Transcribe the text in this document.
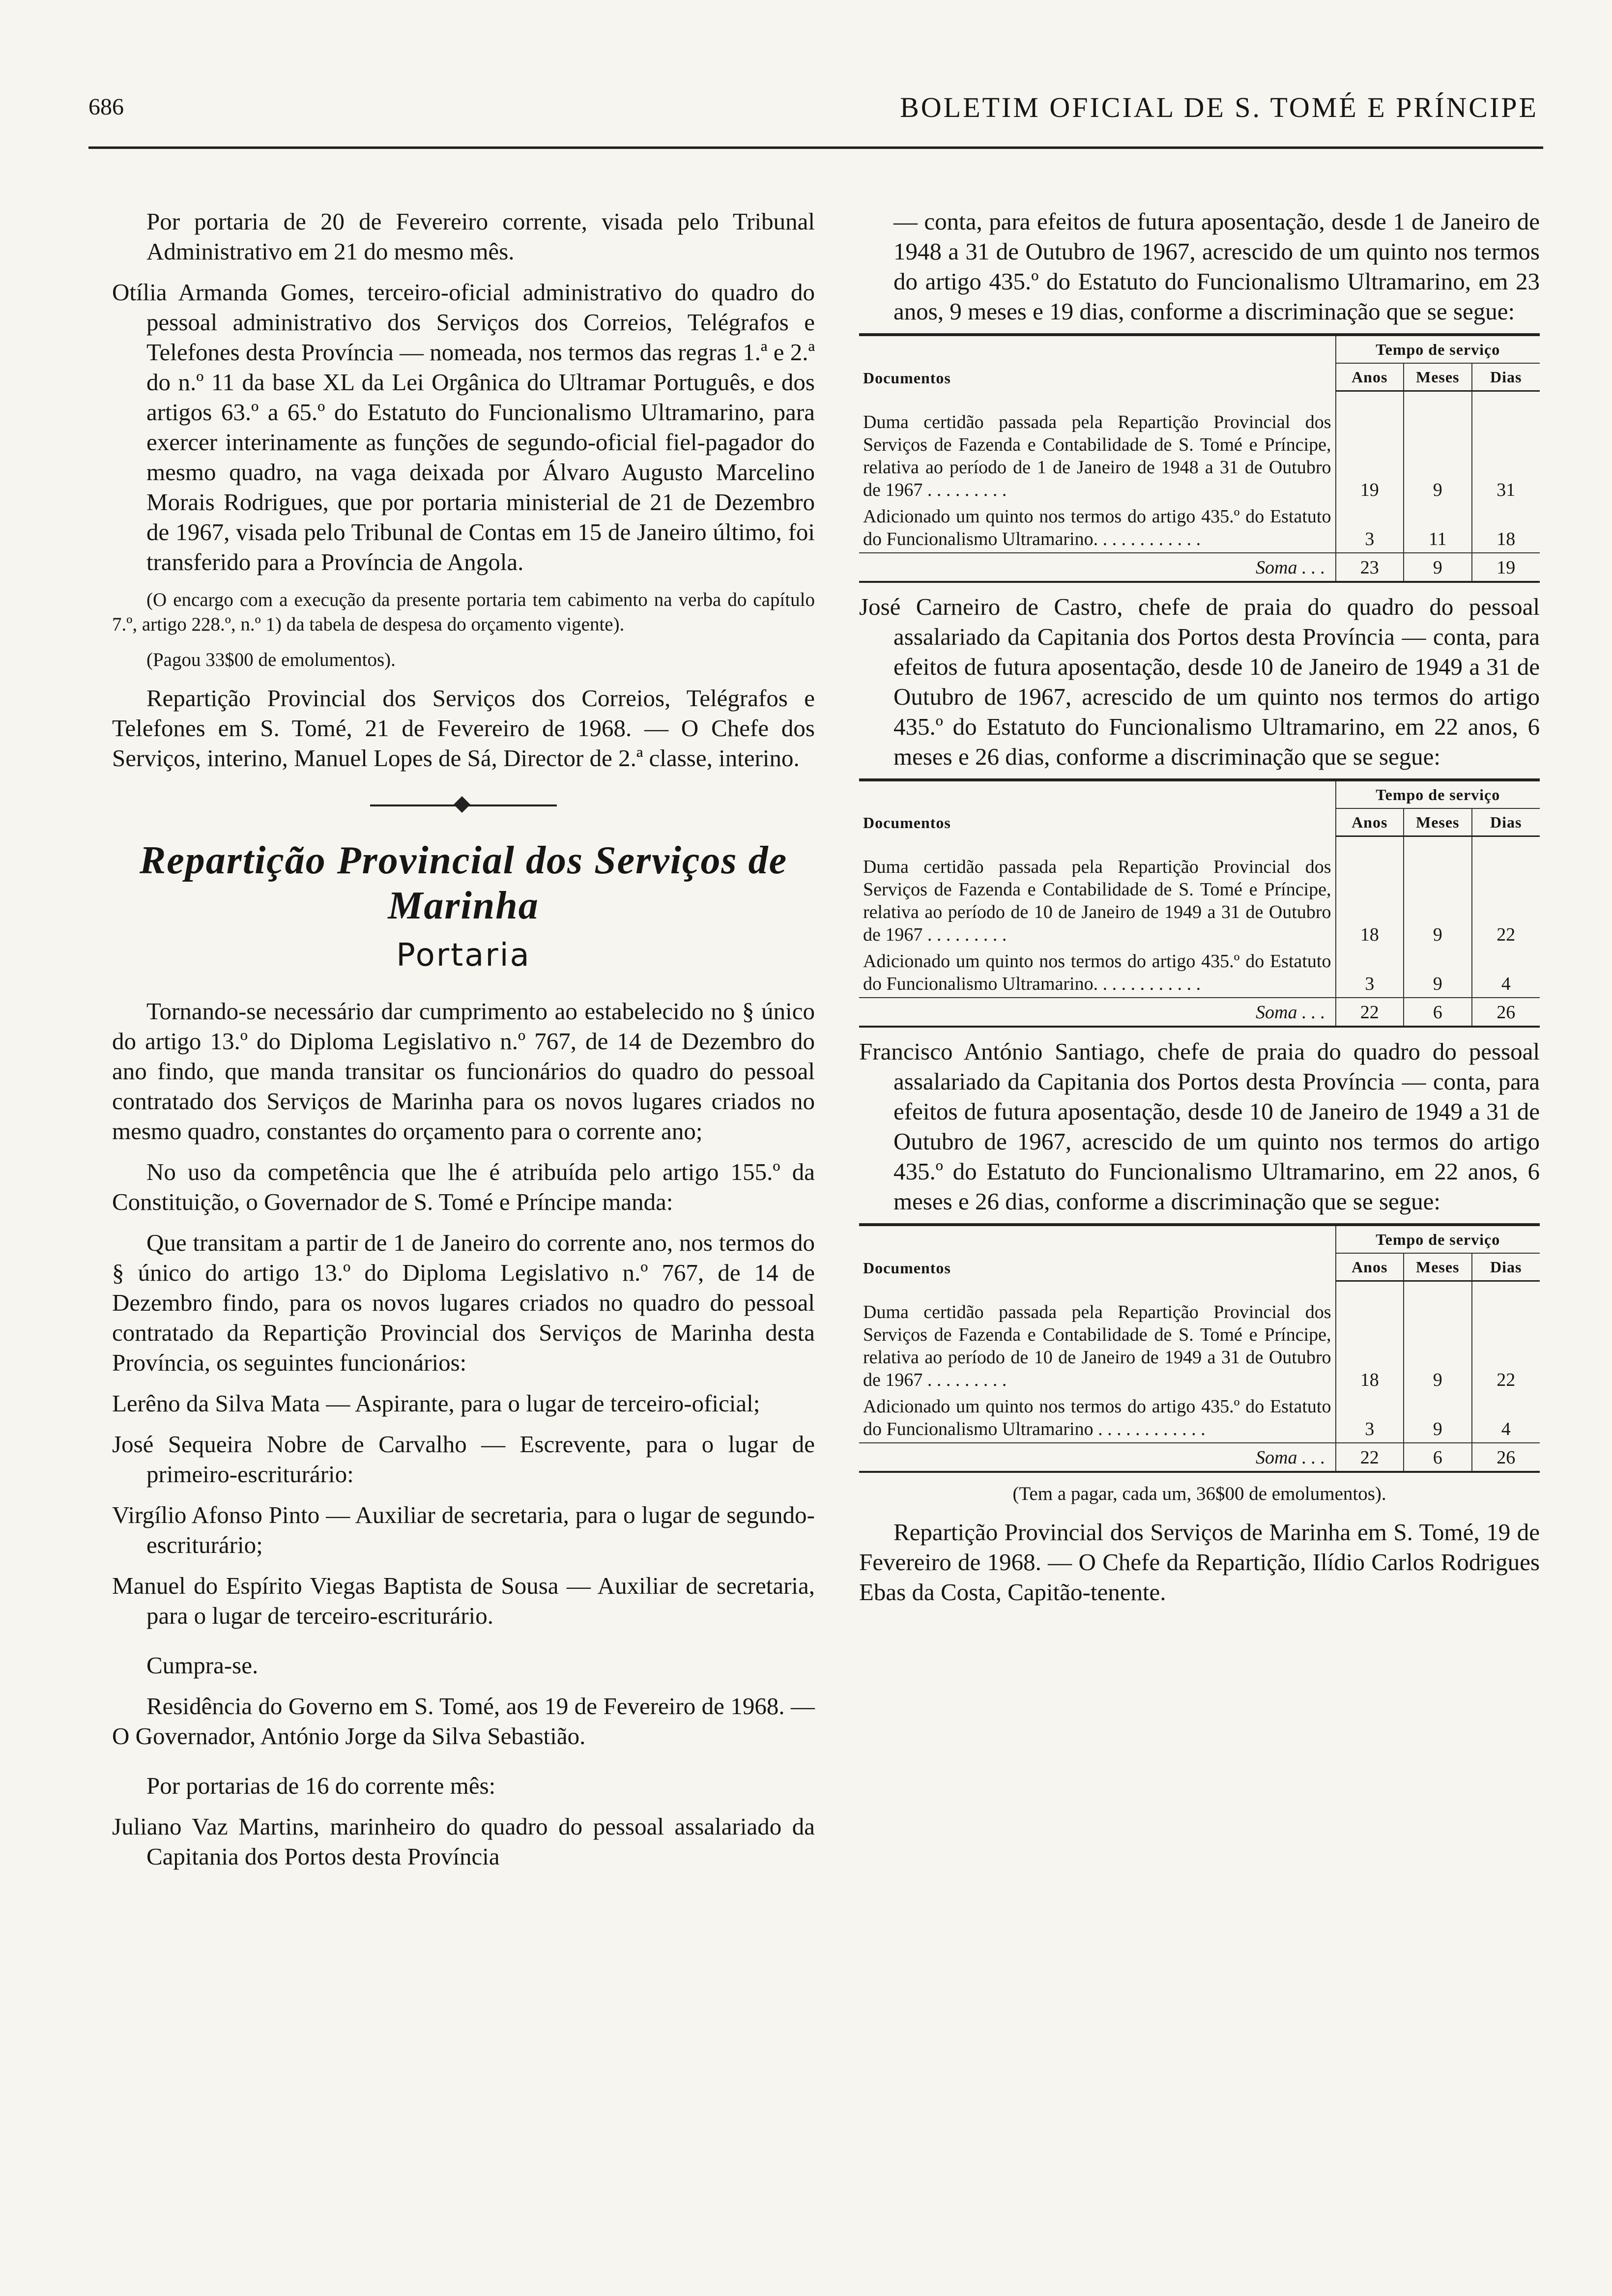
686	BOLETIM OFICIAL DE S. TOMÉ E PRÍNCIPE

Por portaria de 20 de Fevereiro corrente, visada pelo Tribunal Administrativo em 21 do mesmo mês.

Otília Armanda Gomes, terceiro-oficial administrativo do quadro do pessoal administrativo dos Serviços dos Correios, Telégrafos e Telefones desta Província — nomeada, nos termos das regras 1.ª e 2.ª do n.º 11 da base XL da Lei Orgânica do Ultramar Português, e dos artigos 63.º a 65.º do Estatuto do Funcionalismo Ultramarino, para exercer interinamente as funções de segundo-oficial fiel-pagador do mesmo quadro, na vaga deixada por Álvaro Augusto Marcelino Morais Rodrigues, que por portaria ministerial de 21 de Dezembro de 1967, visada pelo Tribunal de Contas em 15 de Janeiro último, foi transferido para a Província de Angola.

(O encargo com a execução da presente portaria tem cabimento na verba do capítulo 7.º, artigo 228.º, n.º 1) da tabela de despesa do orçamento vigente).

(Pagou 33$00 de emolumentos).

Repartição Provincial dos Serviços dos Correios, Telégrafos e Telefones em S. Tomé, 21 de Fevereiro de 1968. — O Chefe dos Serviços, interino, Manuel Lopes de Sá, Director de 2.ª classe, interino.

Repartição Provincial dos Serviços de Marinha
Portaria

Tornando-se necessário dar cumprimento ao estabelecido no § único do artigo 13.º do Diploma Legislativo n.º 767, de 14 de Dezembro do ano findo, que manda transitar os funcionários do quadro do pessoal contratado dos Serviços de Marinha para os novos lugares criados no mesmo quadro, constantes do orçamento para o corrente ano;

No uso da competência que lhe é atribuída pelo artigo 155.º da Constituição, o Governador de S. Tomé e Príncipe manda:

Que transitam a partir de 1 de Janeiro do corrente ano, nos termos do § único do artigo 13.º do Diploma Legislativo n.º 767, de 14 de Dezembro findo, para os novos lugares criados no quadro do pessoal contratado da Repartição Provincial dos Serviços de Marinha desta Província, os seguintes funcionários:

Lerêno da Silva Mata — Aspirante, para o lugar de terceiro-oficial;

José Sequeira Nobre de Carvalho — Escrevente, para o lugar de primeiro-escriturário:

Virgílio Afonso Pinto — Auxiliar de secretaria, para o lugar de segundo-escriturário;

Manuel do Espírito Viegas Baptista de Sousa — Auxiliar de secretaria, para o lugar de terceiro-escriturário.

Cumpra-se.

Residência do Governo em S. Tomé, aos 19 de Fevereiro de 1968. — O Governador, António Jorge da Silva Sebastião.

Por portarias de 16 do corrente mês:

Juliano Vaz Martins, marinheiro do quadro do pessoal assalariado da Capitania dos Portos desta Província

— conta, para efeitos de futura aposentação, desde 1 de Janeiro de 1948 a 31 de Outubro de 1967, acrescido de um quinto nos termos do artigo 435.º do Estatuto do Funcionalismo Ultramarino, em 23 anos, 9 meses e 19 dias, conforme a discriminação que se segue:

Documentos	Tempo de serviço		
	Anos	Meses	Dias
Duma certidão passada pela Repartição Provincial dos Serviços de Fazenda e Contabilidade de S. Tomé e Príncipe, relativa ao período de 1 de Janeiro de 1948 a 31 de Outubro de 1967 . . . . . . . . .	19	9	31
Adicionado um quinto nos termos do artigo 435.º do Estatuto do Funcionalismo Ultramarino. . . . . . . . . . . .	3	11	18
Soma . . .	23	9	19

José Carneiro de Castro, chefe de praia do quadro do pessoal assalariado da Capitania dos Portos desta Província — conta, para efeitos de futura aposentação, desde 10 de Janeiro de 1949 a 31 de Outubro de 1967, acrescido de um quinto nos termos do artigo 435.º do Estatuto do Funcionalismo Ultramarino, em 22 anos, 6 meses e 26 dias, conforme a discriminação que se segue:

Documentos	Tempo de serviço		
	Anos	Meses	Dias
Duma certidão passada pela Repartição Provincial dos Serviços de Fazenda e Contabilidade de S. Tomé e Príncipe, relativa ao período de 10 de Janeiro de 1949 a 31 de Outubro de 1967 . . . . . . . . .	18	9	22
Adicionado um quinto nos termos do artigo 435.º do Estatuto do Funcionalismo Ultramarino. . . . . . . . . . . .	3	9	4
Soma . . .	22	6	26

Francisco António Santiago, chefe de praia do quadro do pessoal assalariado da Capitania dos Portos desta Província — conta, para efeitos de futura aposentação, desde 10 de Janeiro de 1949 a 31 de Outubro de 1967, acrescido de um quinto nos termos do artigo 435.º do Estatuto do Funcionalismo Ultramarino, em 22 anos, 6 meses e 26 dias, conforme a discriminação que se segue:

Documentos	Tempo de serviço		
	Anos	Meses	Dias
Duma certidão passada pela Repartição Provincial dos Serviços de Fazenda e Contabilidade de S. Tomé e Príncipe, relativa ao período de 10 de Janeiro de 1949 a 31 de Outubro de 1967 . . . . . . . . .	18	9	22
Adicionado um quinto nos termos do artigo 435.º do Estatuto do Funcionalismo Ultramarino . . . . . . . . . . . .	3	9	4
Soma . . .	22	6	26

(Tem a pagar, cada um, 36$00 de emolumentos).

Repartição Provincial dos Serviços de Marinha em S. Tomé, 19 de Fevereiro de 1968. — O Chefe da Repartição, Ilídio Carlos Rodrigues Ebas da Costa, Capitão-tenente.
